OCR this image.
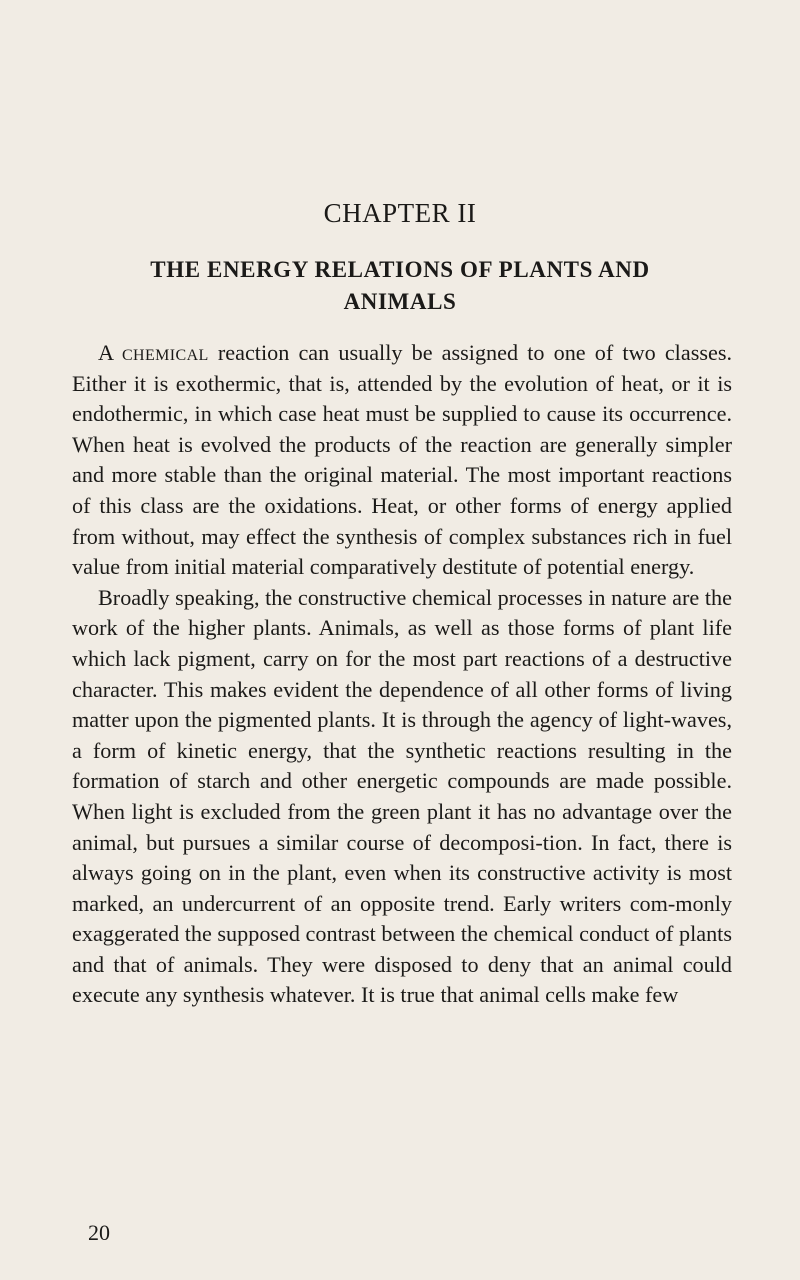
CHAPTER II
THE ENERGY RELATIONS OF PLANTS AND ANIMALS

A chemical reaction can usually be assigned to one of two classes. Either it is exothermic, that is, attended by the evolution of heat, or it is endothermic, in which case heat must be supplied to cause its occurrence. When heat is evolved the products of the reaction are generally simpler and more stable than the original material. The most important reactions of this class are the oxidations. Heat, or other forms of energy applied from without, may effect the synthesis of complex substances rich in fuel value from initial material comparatively destitute of potential energy.

Broadly speaking, the constructive chemical processes in nature are the work of the higher plants. Animals, as well as those forms of plant life which lack pigment, carry on for the most part reactions of a destructive character. This makes evident the dependence of all other forms of living matter upon the pigmented plants. It is through the agency of light-waves, a form of kinetic energy, that the synthetic reactions resulting in the formation of starch and other energetic compounds are made possible. When light is excluded from the green plant it has no advantage over the animal, but pursues a similar course of decomposi-tion. In fact, there is always going on in the plant, even when its constructive activity is most marked, an undercurrent of an opposite trend. Early writers com-monly exaggerated the supposed contrast between the chemical conduct of plants and that of animals. They were disposed to deny that an animal could execute any synthesis whatever. It is true that animal cells make few

20
